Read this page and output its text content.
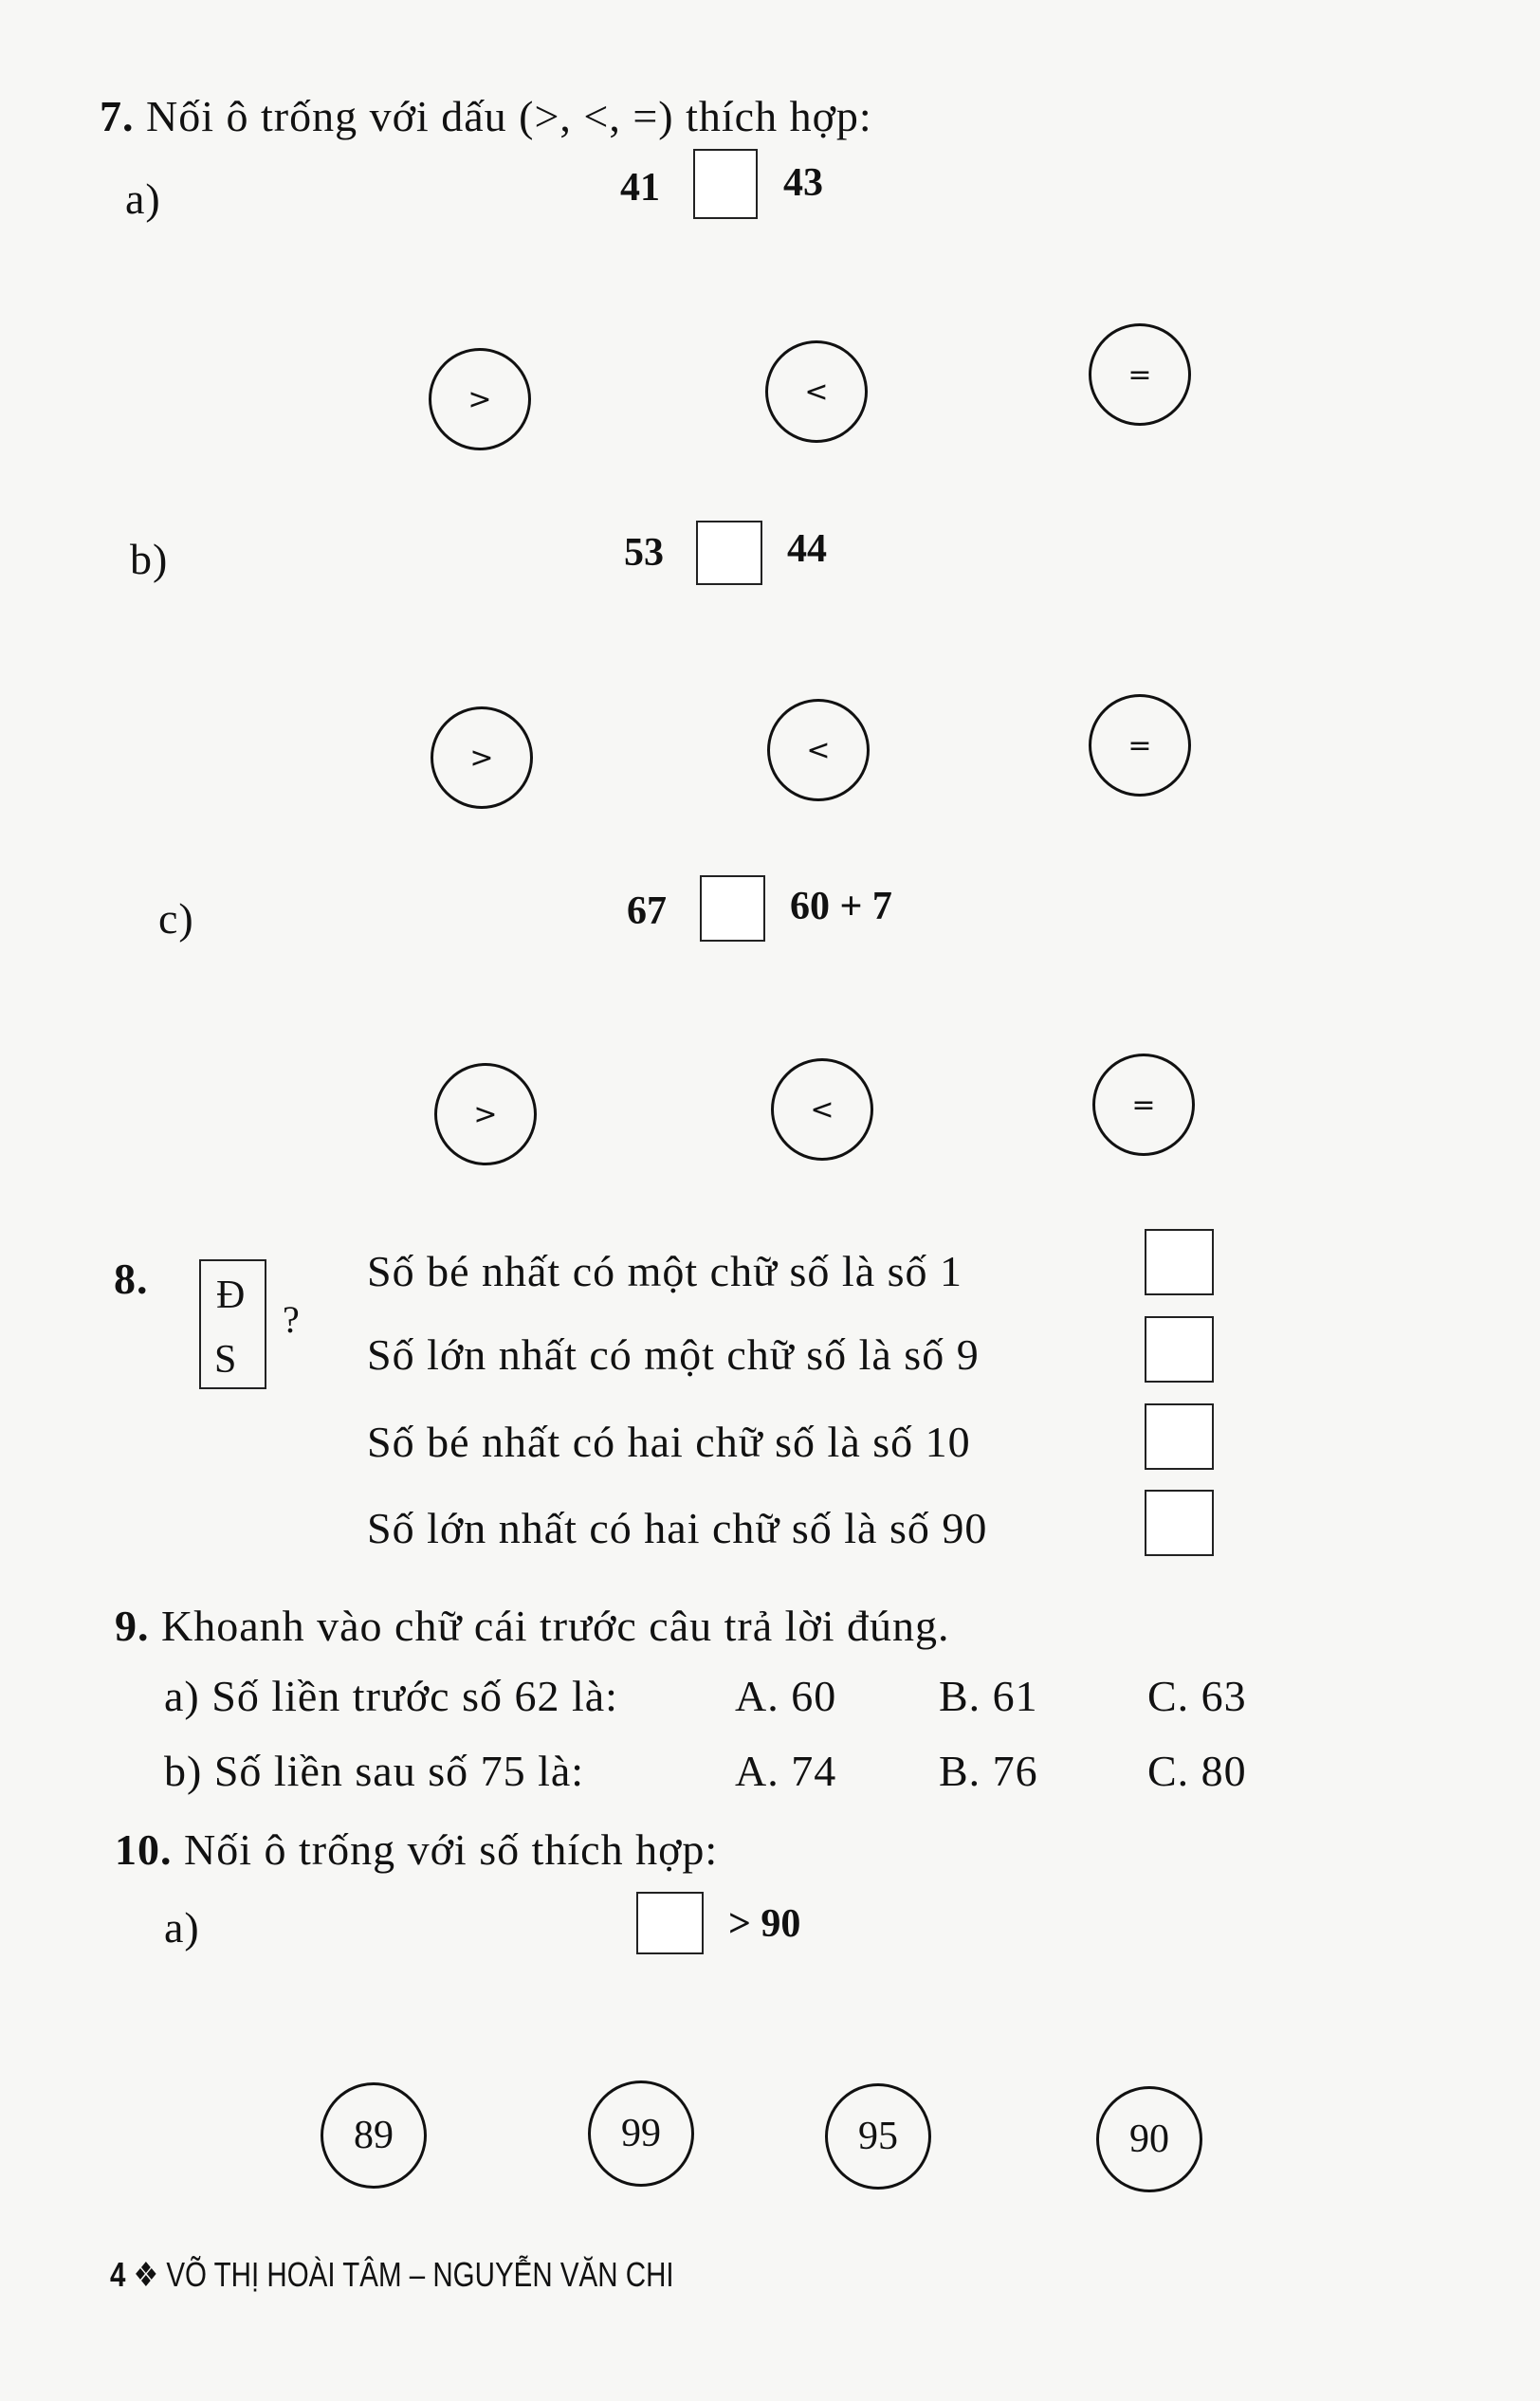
7. Nối ô trống với dấu (>, <, =) thích hợp:
a)	41	43
>	<
=
b)	53	44
>	<	=
c)	67	60 + 7
>	<	=
8. Đ
S
?
Số bé nhất có một chữ số là số 1
Số lớn nhất có một chữ số là số 9
Số bé nhất có hai chữ số là số 10
Số lớn nhất có hai chữ số là số 90
9. Khoanh vào chữ cái trước câu trả lời đúng.
a) Số liền trước số 62 là:	A. 60 B. 61	C. 63
b) Số liền sau số 75 là:	A. 74 B. 76	C. 80
10. Nối ô trống với số thích hợp:
a)	> 90
89	99	95	90
4 ❖ VÕ THỊ HOÀI TÂM – NGUYỄN VĂN CHI
